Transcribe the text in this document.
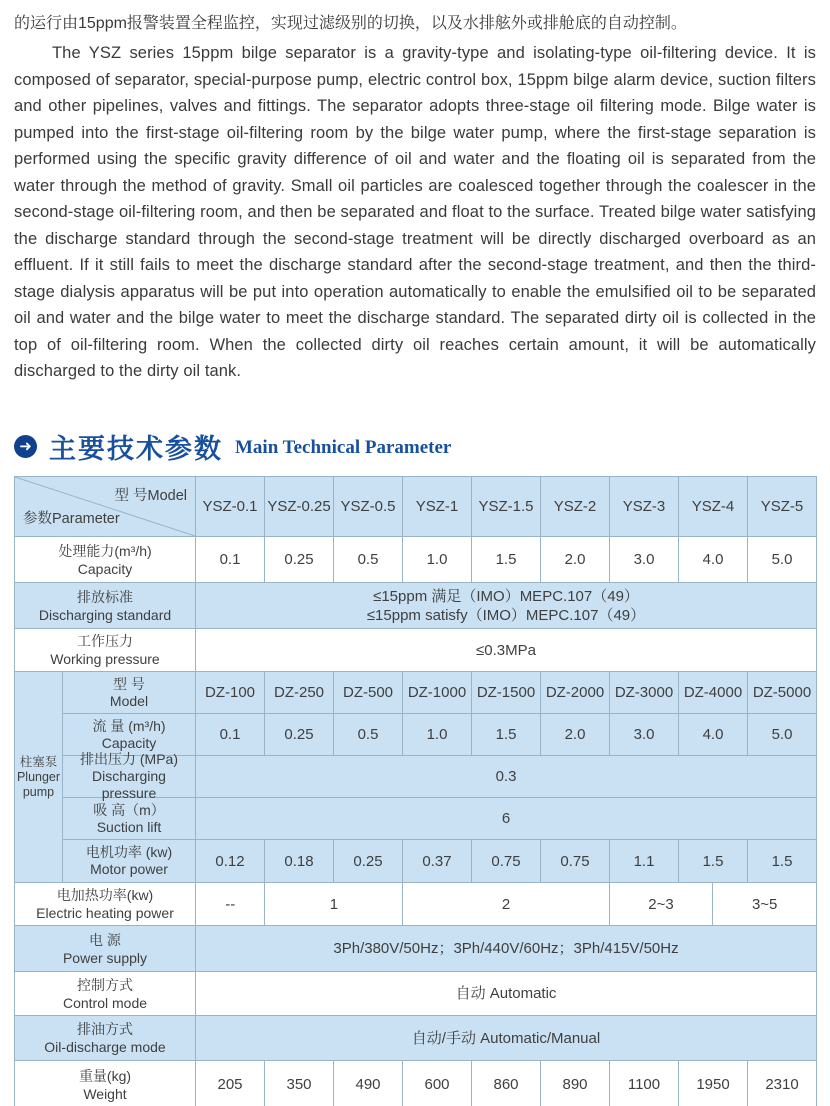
的运行由15ppm报警装置全程监控，实现过滤级别的切换，以及水排舷外或排舱底的自动控制。

The YSZ series 15ppm bilge separator is a gravity-type and isolating-type oil-filtering device. It is composed of separator, special-purpose pump, electric control box, 15ppm bilge alarm device, suction filters and other pipelines, valves and fittings. The separator adopts three-stage oil filtering mode. Bilge water is pumped into the first-stage oil-filtering room by the bilge water pump, where the first-stage separation is performed using the specific gravity difference of oil and water and the floating oil is separated from the water through the method of gravity. Small oil particles are coalesced together through the coalescer in the second-stage oil-filtering room, and then be separated and float to the surface. Treated bilge water satisfying the discharge standard through the second-stage treatment will be directly discharged overboard as an effluent. If it still fails to meet the discharge standard after the second-stage treatment, and then the third-stage dialysis apparatus will be put into operation automatically to enable the emulsified oil to be separated oil and water and the bilge water to meet the discharge standard. The separated dirty oil is collected in the top of oil-filtering room. When the collected dirty oil reaches certain amount, it will be automatically discharged to the dirty oil tank.

➜ 主要技术参数 Main Technical Parameter
型 号Model
参数Parameter
YSZ-0.1 YSZ-0.25 YSZ-0.5	YSZ-1	YSZ-1.5	YSZ-2	YSZ-3	YSZ-4	YSZ-5
处理能力(m³/h)
Capacity
0.1	0.25	0.5	1.0	1.5	2.0	3.0	4.0	5.0
排放标准
Discharging standard
≤15ppm 满足（IMO）MEPC.107（49）
≤15ppm satisfy（IMO）MEPC.107（49）
工作压力
Working pressure
≤0.3MPa
柱塞泵
Plunger
pump
型 号
Model	DZ-100	DZ-250	DZ-500 DZ-1000 DZ-1500 DZ-2000 DZ-3000 DZ-4000 DZ-5000
流 量 (m³/h)
Capacity	0.1	0.25	0.5	1.0	1.5	2.0	3.0	4.0	5.0
排出压力 (MPa)
Discharging pressure
0.3
吸 高（m）
Suction lift	6
电机功率 (kw)
Motor power	0.12	0.18	0.25	0.37	0.75	0.75	1.1	1.5	1.5
电加热功率(kw)
Electric heating power
--	1	2	2~3	3~5
电 源
Power supply
3Ph/380V/50Hz；3Ph/440V/60Hz；3Ph/415V/50Hz
控制方式
Control mode
自动 Automatic
排油方式
Oil-discharge mode
自动/手动 Automatic/Manual
重量(kg)
Weight
205	350	490	600	860	890	1100	1950	2310
